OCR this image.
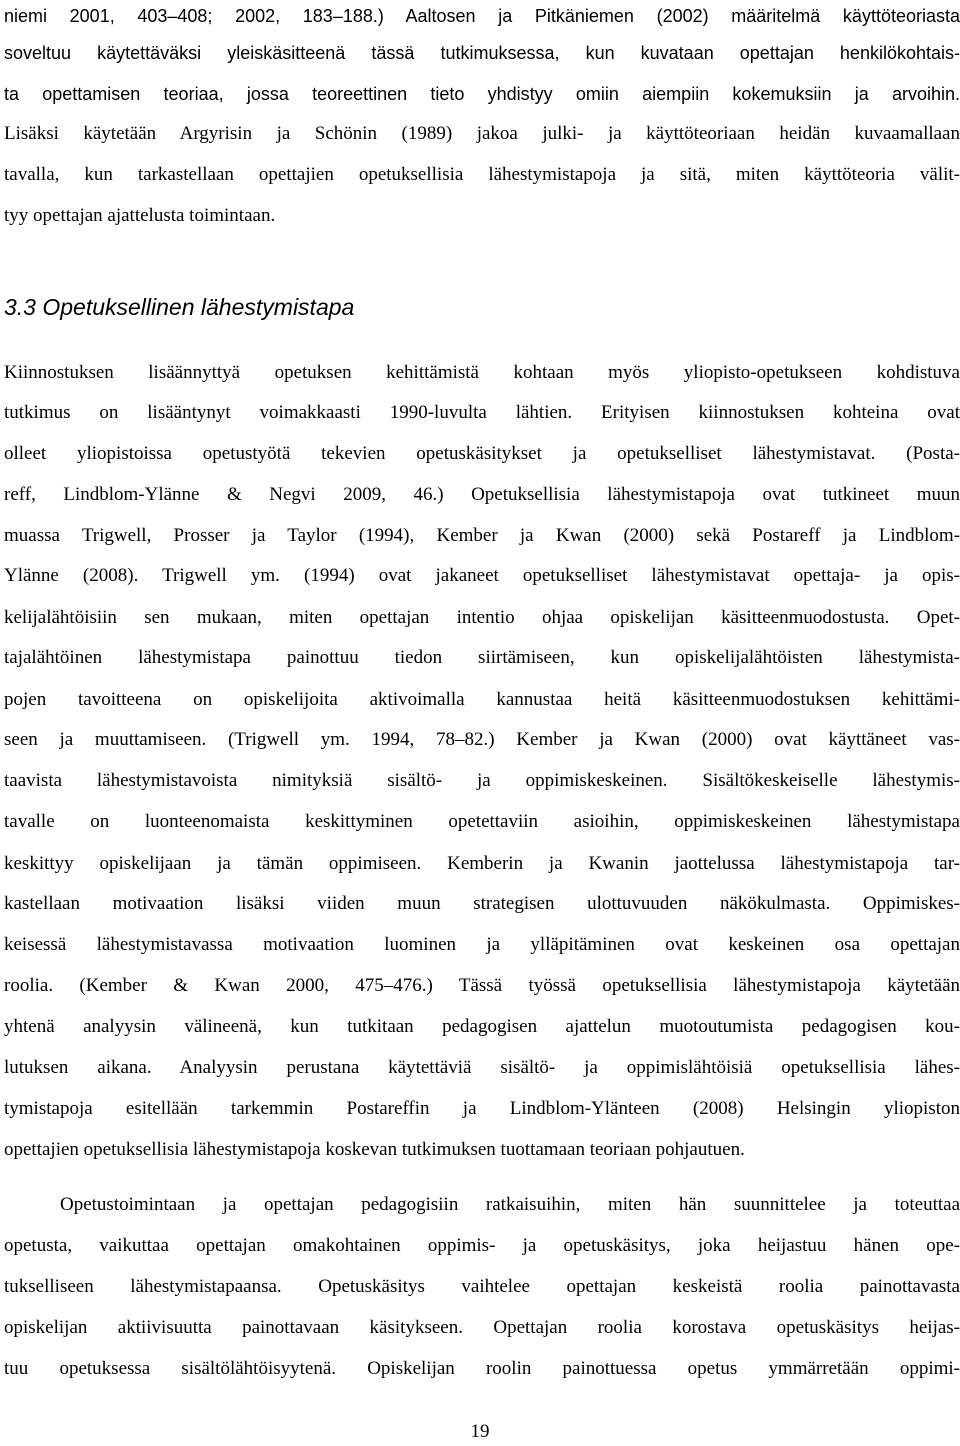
niemi 2001, 403–408; 2002, 183–188.) Aaltosen ja Pitkäniemen (2002) määritelmä käyttöteoriasta
soveltuu käytettäväksi yleiskäsitteenä tässä tutkimuksessa, kun kuvataan opettajan henkilökohtais-
ta opettamisen teoriaa, jossa teoreettinen tieto yhdistyy omiin aiempiin kokemuksiin ja arvoihin.
Lisäksi käytetään Argyrisin ja Schönin (1989) jakoa julki- ja käyttöteoriaan heidän kuvaamallaan
tavalla, kun tarkastellaan opettajien opetuksellisia lähestymistapoja ja sitä, miten käyttöteoria välit-
tyy opettajan ajattelusta toimintaan.
3.3 Opetuksellinen lähestymistapa
Kiinnostuksen lisäännyttyä opetuksen kehittämistä kohtaan myös yliopisto-opetukseen kohdistuva
tutkimus on lisääntynyt voimakkaasti 1990-luvulta lähtien. Erityisen kiinnostuksen kohteina ovat
olleet yliopistoissa opetustyötä tekevien opetuskäsitykset ja opetukselliset lähestymistavat. (Posta-
reff, Lindblom-Ylänne & Negvi 2009, 46.) Opetuksellisia lähestymistapoja ovat tutkineet muun
muassa Trigwell, Prosser ja Taylor (1994), Kember ja Kwan (2000) sekä Postareff ja Lindblom-
Ylänne (2008). Trigwell ym. (1994) ovat jakaneet opetukselliset lähestymistavat opettaja- ja opis-
kelijalähtöisiin sen mukaan, miten opettajan intentio ohjaa opiskelijan käsitteenmuodostusta. Opet-
tajalähtöinen lähestymistapa painottuu tiedon siirtämiseen, kun opiskelijalähtöisten lähestymista-
pojen tavoitteena on opiskelijoita aktivoimalla kannustaa heitä käsitteenmuodostuksen kehittämi-
seen ja muuttamiseen. (Trigwell ym. 1994, 78–82.) Kember ja Kwan (2000) ovat käyttäneet vas-
taavista lähestymistavoista nimityksiä sisältö- ja oppimiskeskeinen. Sisältökeskeiselle lähestymis-
tavalle on luonteenomaista keskittyminen opetettaviin asioihin, oppimiskeskeinen lähestymistapa
keskittyy opiskelijaan ja tämän oppimiseen. Kemberin ja Kwanin jaottelussa lähestymistapoja tar-
kastellaan motivaation lisäksi viiden muun strategisen ulottuvuuden näkökulmasta. Oppimiskes-
keisessä lähestymistavassa motivaation luominen ja ylläpitäminen ovat keskeinen osa opettajan
roolia. (Kember & Kwan 2000, 475–476.) Tässä työssä opetuksellisia lähestymistapoja käytetään
yhtenä analyysin välineenä, kun tutkitaan pedagogisen ajattelun muotoutumista pedagogisen kou-
lutuksen aikana. Analyysin perustana käytettäviä sisältö- ja oppimislähtöisiä opetuksellisia lähes-
tymistapoja esitellään tarkemmin Postareffin ja Lindblom-Ylänteen (2008) Helsingin yliopiston
opettajien opetuksellisia lähestymistapoja koskevan tutkimuksen tuottamaan teoriaan pohjautuen.
Opetustoimintaan ja opettajan pedagogisiin ratkaisuihin, miten hän suunnittelee ja toteuttaa
opetusta, vaikuttaa opettajan omakohtainen oppimis- ja opetuskäsitys, joka heijastuu hänen ope-
tukselliseen lähestymistapaansa. Opetuskäsitys vaihtelee opettajan keskeistä roolia painottavasta
opiskelijan aktiivisuutta painottavaan käsitykseen. Opettajan roolia korostava opetuskäsitys heijas-
tuu opetuksessa sisältölähtöisyytenä. Opiskelijan roolin painottuessa opetus ymmärretään oppimi-
19
